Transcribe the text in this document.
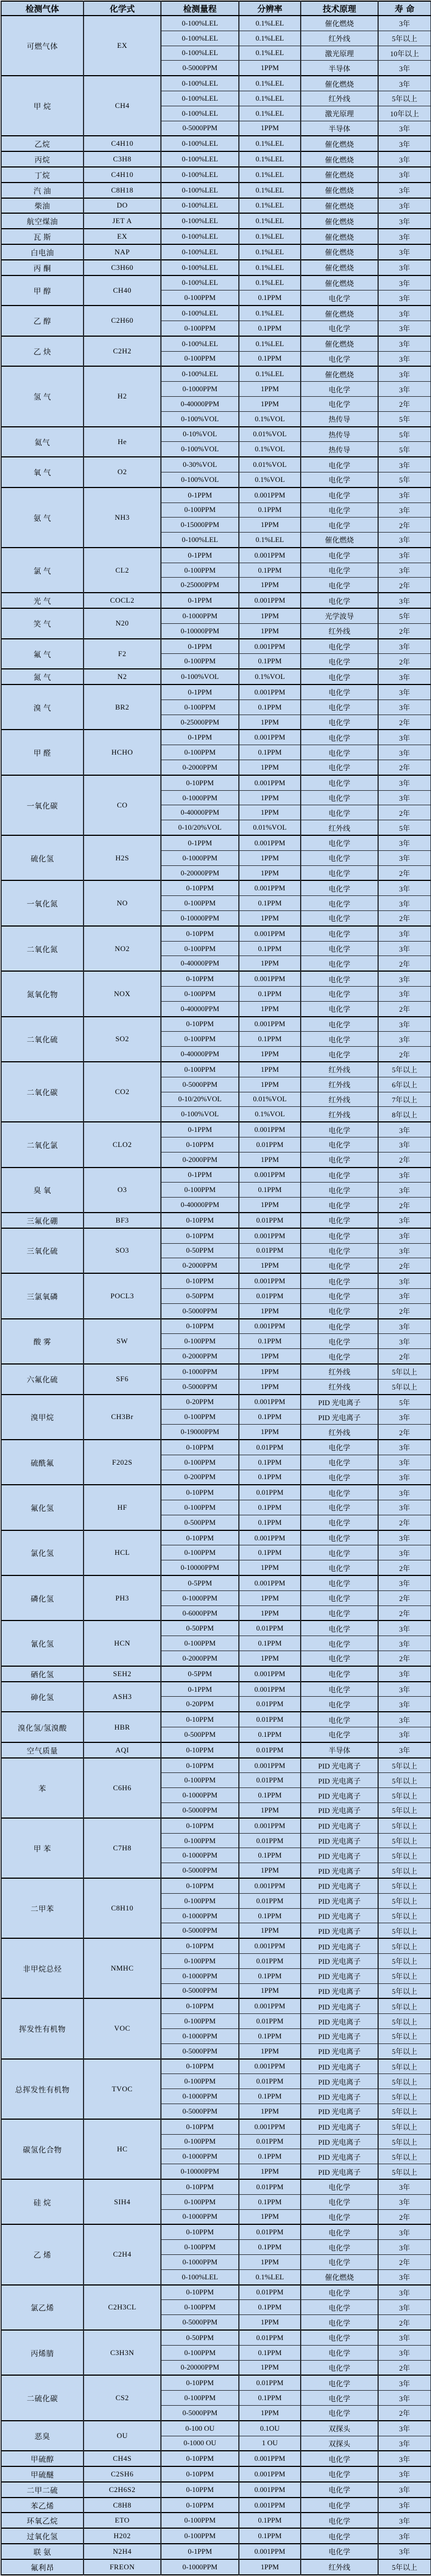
检测气体	化学式	检测量程	分辨率	技术原理	寿 命
可燃气体	EX	0-100%LEL	0.1%LEL	催化燃烧	3年
		0-100%LEL	0.1%LEL	红外线	5年以上
		0-100%LEL	0.1%LEL	激光原理	10年以上
		0-5000PPM	1PPM	半导体	3年
甲 烷	CH4	0-100%LEL	0.1%LEL	催化燃烧	3年
		0-100%LEL	0.1%LEL	红外线	5年以上
		0-100%LEL	0.1%LEL	激光原理	10年以上
		0-5000PPM	1PPM	半导体	3年
乙烷	C4H10	0-100%LEL	0.1%LEL	催化燃烧	3年
丙烷	C3H8	0-100%LEL	0.1%LEL	催化燃烧	3年
丁烷	C4H10	0-100%LEL	0.1%LEL	催化燃烧	3年
汽 油	C8H18	0-100%LEL	0.1%LEL	催化燃烧	3年
柴油	DO	0-100%LEL	0.1%LEL	催化燃烧	3年
航空煤油	JET A	0-100%LEL	0.1%LEL	催化燃烧	3年
瓦 斯	EX	0-100%LEL	0.1%LEL	催化燃烧	3年
白电油	NAP	0-100%LEL	0.1%LEL	催化燃烧	3年
丙 酮	C3H60	0-100%LEL	0.1%LEL	催化燃烧	3年
甲 醇	CH40	0-100%LEL	0.1%LEL	催化燃烧	3年
		0-100PPM	0.1PPM	电化学	3年
乙 醇	C2H60	0-100%LEL	0.1%LEL	催化燃烧	3年
		0-100PPM	0.1PPM	电化学	3年
乙 炔	C2H2	0-100%LEL	0.1%LEL	催化燃烧	3年
		0-100PPM	0.1PPM	电化学	3年
氢 气	H2	0-100%LEL	0.1%LEL	催化燃烧	3年
		0-1000PPM	1PPM	电化学	3年
		0-40000PPM	1PPM	电化学	2年
		0-100%VOL	0.1%VOL	热传导	5年
氦气	He	0-10%VOL	0.01%VOL	热传导	5年
		0-100%VOL	0.1%VOL	热传导	5年
氧 气	O2	0-30%VOL	0.01%VOL	电化学	3年
		0-100%VOL	0.1%VOL	电化学	5年
氨 气	NH3	0-1PPM	0.001PPM	电化学	3年
		0-100PPM	0.1PPM	电化学	3年
		0-15000PPM	1PPM	电化学	2年
		0-100%LEL	0.1%LEL	催化燃烧	3年
氯 气	CL2	0-1PPM	0.001PPM	电化学	3年
		0-100PPM	0.1PPM	电化学	3年
		0-25000PPM	1PPM	电化学	2年
光 气	COCL2	0-1PPM	0.001PPM	电化学	3年
笑 气	N20	0-1000PPM	1PPM	光学波导	5年
		0-10000PPM	1PPM	红外线	2年
氟 气	F2	0-1PPM	0.001PPM	电化学	3年
		0-100PPM	0.1PPM	电化学	2年
氮 气	N2	0-100%VOL	0.1%VOL	电化学	3年
溴 气	BR2	0-1PPM	0.001PPM	电化学	3年
		0-100PPM	0.1PPM	电化学	3年
		0-25000PPM	1PPM	电化学	2年
甲 醛	HCHO	0-1PPM	0.001PPM	电化学	3年
		0-100PPM	0.1PPM	电化学	3年
		0-2000PPM	1PPM	电化学	2年
一氧化碳	CO	0-10PPM	0.001PPM	电化学	3年
		0-1000PPM	1PPM	电化学	3年
		0-40000PPM	1PPM	电化学	2年
		0-10/20%VOL	0.01%VOL	红外线	5年
硫化氢	H2S	0-1PPM	0.001PPM	电化学	3年
		0-1000PPM	1PPM	电化学	3年
		0-20000PPM	1PPM	电化学	2年
一氧化氮	NO	0-10PPM	0.001PPM	电化学	3年
		0-100PPM	0.1PPM	电化学	3年
		0-10000PPM	1PPM	电化学	2年
二氧化氮	NO2	0-10PPM	0.001PPM	电化学	3年
		0-100PPM	0.1PPM	电化学	3年
		0-40000PPM	1PPM	电化学	2年
氮氧化物	NOX	0-10PPM	0.001PPM	电化学	3年
		0-100PPM	0.1PPM	电化学	3年
		0-40000PPM	1PPM	电化学	2年
二氧化硫	SO2	0-10PPM	0.001PPM	电化学	3年
		0-100PPM	0.1PPM	电化学	3年
		0-40000PPM	1PPM	电化学	2年
二氧化碳	CO2	0-100PPM	1PPM	红外线	5年以上
		0-5000PPM	1PPM	红外线	6年以上
		0-10/20%VOL	0.01%VOL	红外线	7年以上
		0-100%VOL	0.1%VOL	红外线	8年以上
二氧化氯	CLO2	0-1PPM	0.001PPM	电化学	3年
		0-10PPM	0.01PPM	电化学	3年
		0-2000PPM	1PPM	电化学	2年
臭 氧	O3	0-1PPM	0.001PPM	电化学	3年
		0-100PPM	0.1PPM	电化学	3年
		0-40000PPM	1PPM	电化学	2年
三氟化硼	BF3	0-10PPM	0.01PPM	电化学	3年
三氧化硫	SO3	0-10PPM	0.001PPM	电化学	3年
		0-50PPM	0.01PPM	电化学	3年
		0-2000PPM	1PPM	电化学	2年
三氯氧磷	POCL3	0-10PPM	0.001PPM	电化学	3年
		0-50PPM	0.01PPM	电化学	3年
		0-5000PPM	1PPM	电化学	2年
酸 雾	SW	0-10PPM	0.001PPM	电化学	3年
		0-100PPM	0.1PPM	电化学	3年
		0-2000PPM	1PPM	电化学	2年
六氟化硫	SF6	0-1000PPM	1PPM	红外线	5年以上
		0-5000PPM	1PPM	红外线	5年以上
溴甲烷	CH3Br	0-20PPM	0.001PPM	PID 光电离子	5年
		0-100PPM	0.1PPM	PID 光电离子	3年
		0-19000PPM	1PPM	红外线	2年
硫酰氟	F202S	0-10PPM	0.01PPM	电化学	3年
		0-100PPM	0.1PPM	电化学	3年
		0-200PPM	0.1PPM	电化学	3年
氟化氢	HF	0-10PPM	0.01PPM	电化学	3年
		0-100PPM	0.1PPM	电化学	3年
		0-500PPM	0.1PPM	电化学	2年
氯化氢	HCL	0-10PPM	0.001PPM	电化学	3年
		0-100PPM	0.1PPM	电化学	3年
		0-10000PPM	1PPM	电化学	2年
磷化氢	PH3	0-5PPM	0.001PPM	电化学	3年
		0-1000PPM	1PPM	电化学	2年
		0-6000PPM	1PPM	电化学	2年
氰化氢	HCN	0-50PPM	0.01PPM	电化学	3年
		0-100PPM	0.1PPM	电化学	3年
		0-2000PPM	1PPM	电化学	2年
硒化氢	SEH2	0-5PPM	0.001PPM	电化学	3年
砷化氢	ASH3	0-1PPM	0.001PPM	电化学	3年
		0-20PPM	0.01PPM	电化学	3年
溴化氢/氢溴酸	HBR	0-10PPM	0.01PPM	电化学	3年
		0-500PPM	0.1PPM	电化学	3年
空气质量	AQI	0-10PPM	0.01PPM	半导体	3年
苯	C6H6	0-10PPM	0.001PPM	PID 光电离子	5年以上
		0-100PPM	0.01PPM	PID 光电离子	5年以上
		0-1000PPM	0.1PPM	PID 光电离子	5年以上
		0-5000PPM	1PPM	PID 光电离子	5年以上
甲 苯	C7H8	0-10PPM	0.001PPM	PID 光电离子	5年以上
		0-100PPM	0.01PPM	PID 光电离子	5年以上
		0-1000PPM	0.1PPM	PID 光电离子	5年以上
		0-5000PPM	1PPM	PID 光电离子	5年以上
二甲苯	C8H10	0-10PPM	0.001PPM	PID 光电离子	5年以上
		0-100PPM	0.01PPM	PID 光电离子	5年以上
		0-1000PPM	0.1PPM	PID 光电离子	5年以上
		0-5000PPM	1PPM	PID 光电离子	5年以上
非甲烷总烃	NMHC	0-10PPM	0.001PPM	PID 光电离子	5年以上
		0-100PPM	0.01PPM	PID 光电离子	5年以上
		0-1000PPM	0.1PPM	PID 光电离子	5年以上
		0-5000PPM	1PPM	PID 光电离子	5年以上
挥发性有机物	VOC	0-10PPM	0.001PPM	PID 光电离子	5年以上
		0-100PPM	0.01PPM	PID 光电离子	5年以上
		0-1000PPM	0.1PPM	PID 光电离子	5年以上
		0-5000PPM	1PPM	PID 光电离子	5年以上
总挥发性有机物	TVOC	0-10PPM	0.001PPM	PID 光电离子	5年以上
		0-100PPM	0.01PPM	PID 光电离子	5年以上
		0-1000PPM	0.1PPM	PID 光电离子	5年以上
		0-5000PPM	1PPM	PID 光电离子	5年以上
碳氢化合物	HC	0-10PPM	0.001PPM	PID 光电离子	5年以上
		0-100PPM	0.01PPM	PID 光电离子	5年以上
		0-1000PPM	0.1PPM	PID 光电离子	5年以上
		0-10000PPM	1PPM	PID 光电离子	5年以上
硅 烷	SIH4	0-10PPM	0.01PPM	电化学	3年
		0-100PPM	0.1PPM	电化学	3年
		0-1000PPM	1PPM	电化学	2年
乙 烯	C2H4	0-10PPM	0.01PPM	电化学	3年
		0-100PPM	0.1PPM	电化学	3年
		0-1000PPM	1PPM	电化学	2年
		0-100%LEL	0.1%LEL	催化燃烧	3年
氯乙烯	C2H3CL	0-10PPM	0.01PPM	电化学	3年
		0-100PPM	0.1PPM	电化学	3年
		0-5000PPM	1PPM	电化学	2年
丙烯腈	C3H3N	0-50PPM	0.01PPM	电化学	3年
		0-100PPM	0.1PPM	电化学	3年
		0-20000PPM	1PPM	电化学	2年
二硫化碳	CS2	0-10PPM	0.01PPM	电化学	3年
		0-100PPM	0.1PPM	电化学	3年
		0-5000PPM	1PPM	电化学	2年
恶臭	OU	0-100 OU	0.1OU	双探头	3年
		0-1000 OU	1 OU	双探头	3年
甲硫醇	CH4S	0-10PPM	0.001PPM	电化学	3年
甲硫醚	C2SH6	0-10PPM	0.001PPM	电化学	3年
二甲二硫	C2H6S2	0-10PPM	0.001PPM	电化学	3年
苯乙烯	C8H8	0-10PPM	0.001PPM	电化学	3年
环氧乙烷	ETO	0-100PPM	0.1PPM	电化学	3年
过氧化氢	H202	0-100PPM	0.1PPM	电化学	3年
联 氨	N2H4	0-1PPM	0.001PPM	电化学	3年
氟利昂	FREON	0-1000PPM	1PPM	红外线	5年以上
